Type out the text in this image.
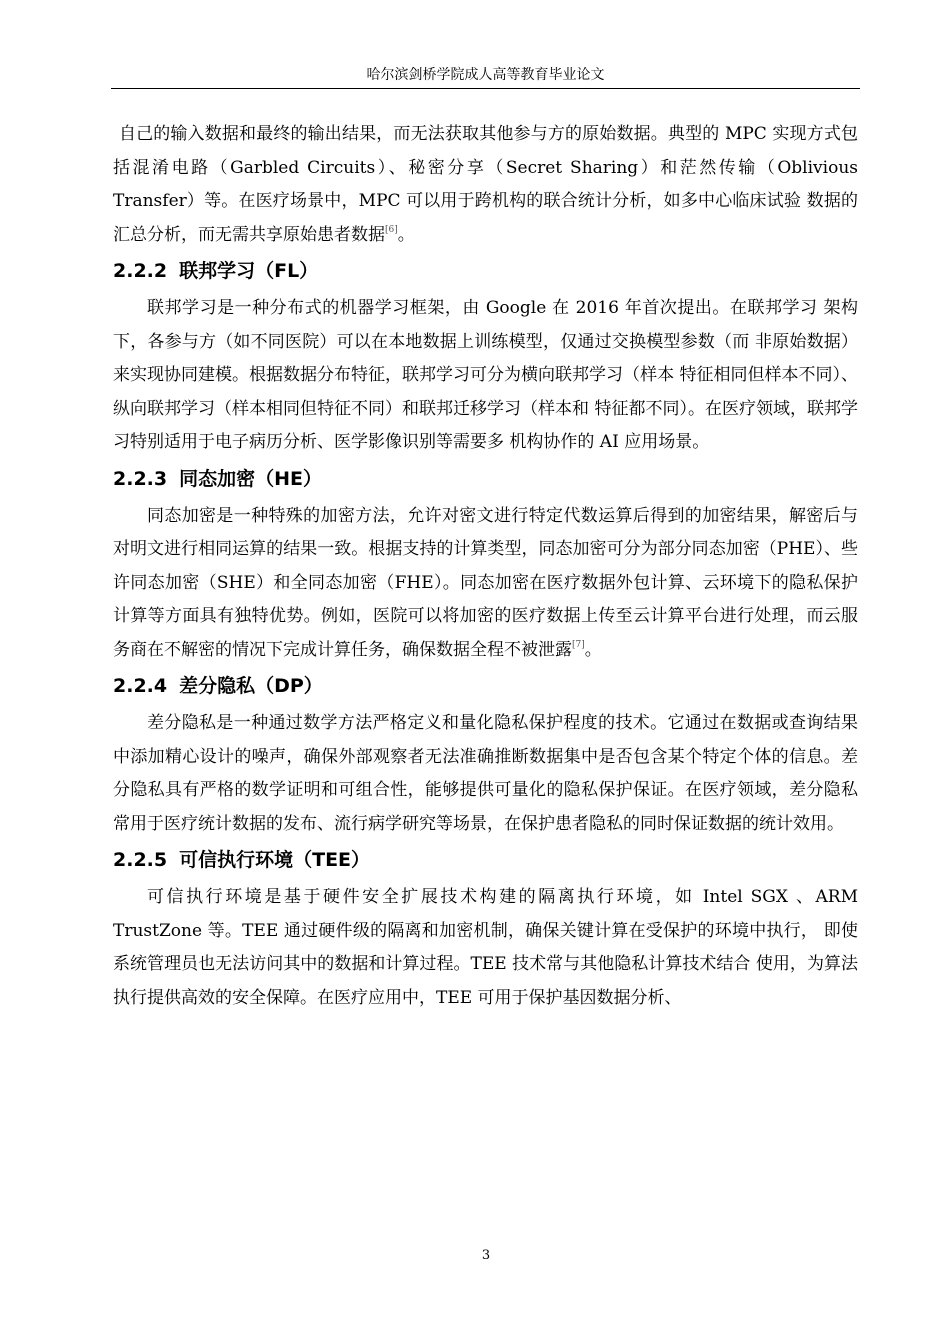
哈尔滨剑桥学院成人高等教育毕业论文

自己的输入数据和最终的输出结果，而无法获取其他参与方的原始数据。典型的 MPC 实现方式包括混淆电路（Garbled Circuits）、秘密分享（Secret Sharing）和茫然传输（Oblivious Transfer）等。在医疗场景中，MPC 可以用于跨机构的联合统计分析，如多中心临床试验 数据的汇总分析，而无需共享原始患者数据[6]。

2.2.2 联邦学习（FL）

联邦学习是一种分布式的机器学习框架，由 Google 在 2016 年首次提出。在联邦学习 架构下，各参与方（如不同医院）可以在本地数据上训练模型，仅通过交换模型参数（而 非原始数据）来实现协同建模。根据数据分布特征，联邦学习可分为横向联邦学习（样本 特征相同但样本不同）、纵向联邦学习（样本相同但特征不同）和联邦迁移学习（样本和 特征都不同）。在医疗领域，联邦学习特别适用于电子病历分析、医学影像识别等需要多 机构协作的 AI 应用场景。

2.2.3 同态加密（HE）

同态加密是一种特殊的加密方法，允许对密文进行特定代数运算后得到的加密结果，解密后与对明文进行相同运算的结果一致。根据支持的计算类型，同态加密可分为部分同态加密（PHE）、些许同态加密（SHE）和全同态加密（FHE）。同态加密在医疗数据外包计算、云环境下的隐私保护计算等方面具有独特优势。例如，医院可以将加密的医疗数据上传至云计算平台进行处理，而云服务商在不解密的情况下完成计算任务，确保数据全程不被泄露[7]。

2.2.4 差分隐私（DP）

差分隐私是一种通过数学方法严格定义和量化隐私保护程度的技术。它通过在数据或查询结果中添加精心设计的噪声，确保外部观察者无法准确推断数据集中是否包含某个特定个体的信息。差分隐私具有严格的数学证明和可组合性，能够提供可量化的隐私保护保证。在医疗领域，差分隐私常用于医疗统计数据的发布、流行病学研究等场景，在保护患者隐私的同时保证数据的统计效用。

2.2.5 可信执行环境（TEE）

可信执行环境是基于硬件安全扩展技术构建的隔离执行环境，如 Intel SGX 、ARM TrustZone 等。TEE 通过硬件级的隔离和加密机制，确保关键计算在受保护的环境中执行， 即使系统管理员也无法访问其中的数据和计算过程。TEE 技术常与其他隐私计算技术结合 使用，为算法执行提供高效的安全保障。在医疗应用中，TEE 可用于保护基因数据分析、

3
